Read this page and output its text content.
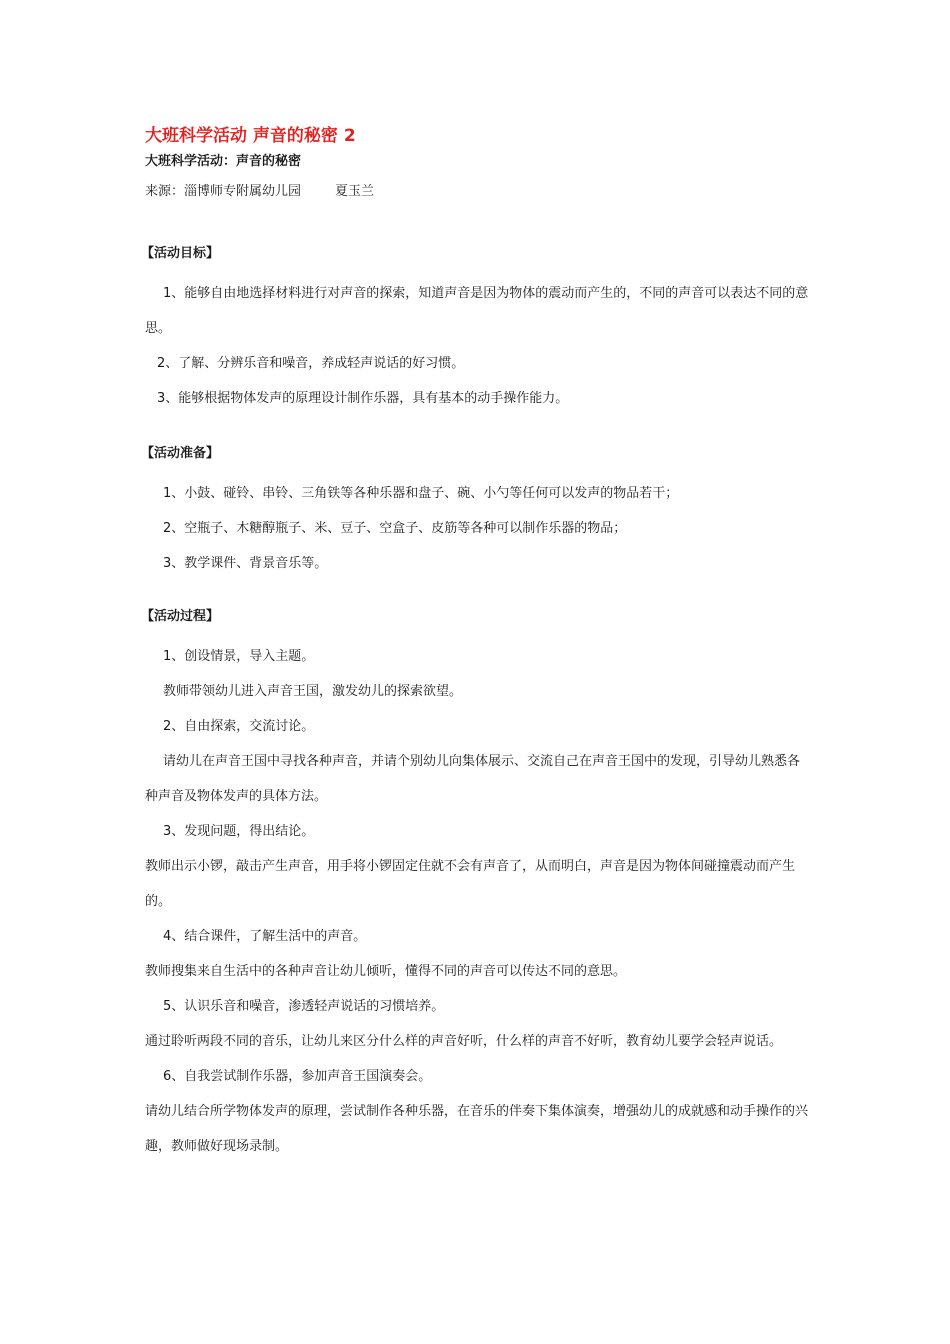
大班科学活动 声音的秘密 2

大班科学活动：声音的秘密

来源：淄博师专附属幼儿园	夏玉兰

【活动目标】

1、能够自由地选择材料进行对声音的探索，知道声音是因为物体的震动而产生的，不同的声音可以表达不同的意思。

2、了解、分辨乐音和噪音，养成轻声说话的好习惯。

3、能够根据物体发声的原理设计制作乐器，具有基本的动手操作能力。

【活动准备】

1、小鼓、碰铃、串铃、三角铁等各种乐器和盘子、碗、小勺等任何可以发声的物品若干；

2、空瓶子、木糖醇瓶子、米、豆子、空盒子、皮筋等各种可以制作乐器的物品；

3、教学课件、背景音乐等。

【活动过程】

1、创设情景，导入主题。

教师带领幼儿进入声音王国，激发幼儿的探索欲望。

2、自由探索，交流讨论。

请幼儿在声音王国中寻找各种声音，并请个别幼儿向集体展示、交流自己在声音王国中的发现，引导幼儿熟悉各种声音及物体发声的具体方法。

3、发现问题，得出结论。

教师出示小锣，敲击产生声音，用手将小锣固定住就不会有声音了，从而明白，声音是因为物体间碰撞震动而产生的。

4、结合课件，了解生活中的声音。

教师搜集来自生活中的各种声音让幼儿倾听，懂得不同的声音可以传达不同的意思。

5、认识乐音和噪音，渗透轻声说话的习惯培养。

通过聆听两段不同的音乐，让幼儿来区分什么样的声音好听，什么样的声音不好听，教育幼儿要学会轻声说话。

6、自我尝试制作乐器，参加声音王国演奏会。

请幼儿结合所学物体发声的原理，尝试制作各种乐器，在音乐的伴奏下集体演奏，增强幼儿的成就感和动手操作的兴趣，教师做好现场录制。
